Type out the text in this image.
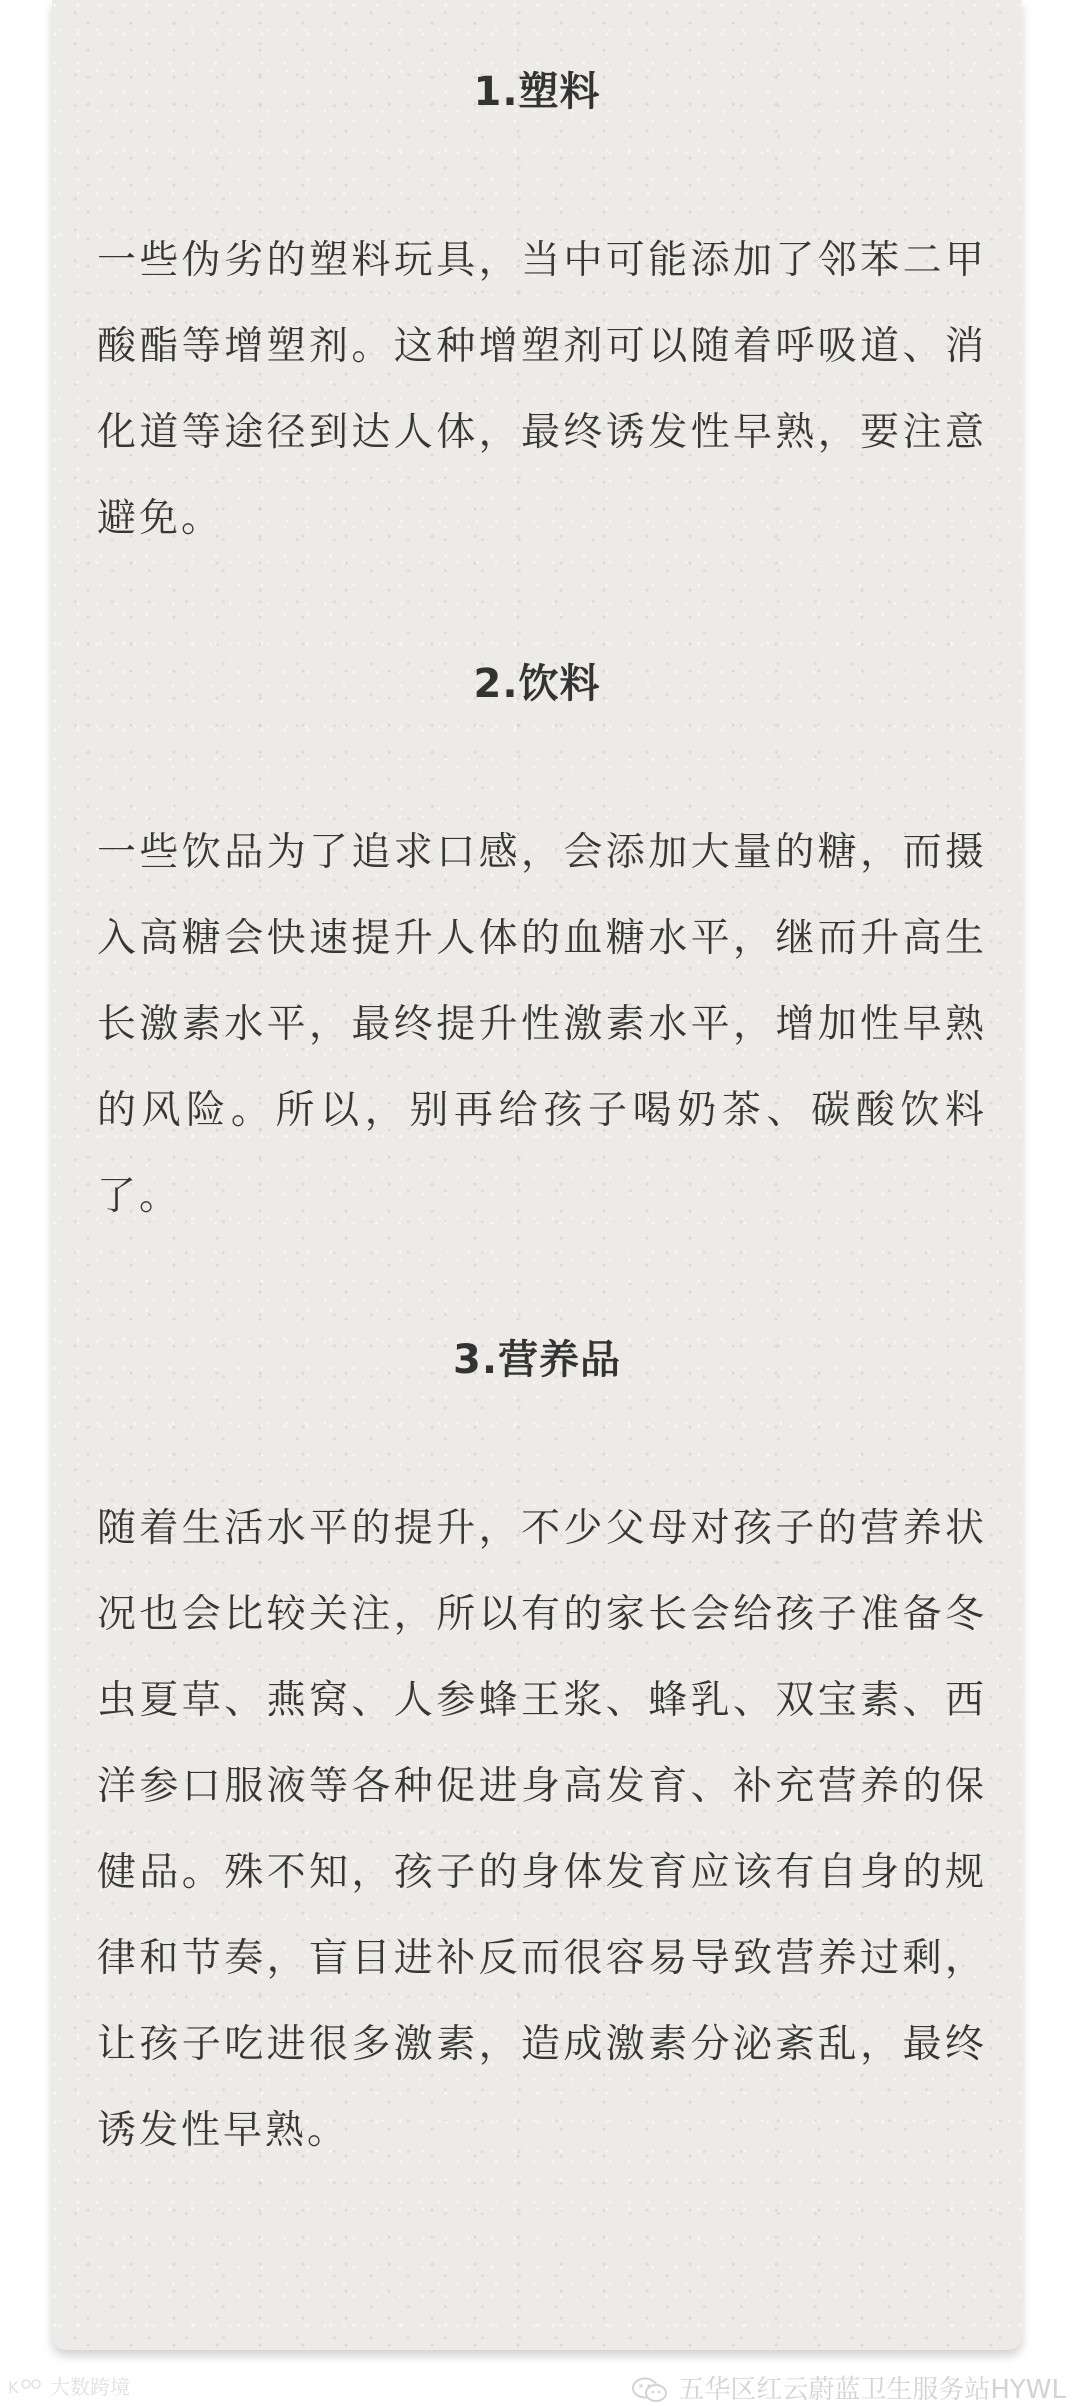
1.塑料

一些伪劣的塑料玩具，当中可能添加了邻苯二甲酸酯等增塑剂。这种增塑剂可以随着呼吸道、消化道等途径到达人体，最终诱发性早熟，要注意避免。

2.饮料

一些饮品为了追求口感，会添加大量的糖，而摄入高糖会快速提升人体的血糖水平，继而升高生长激素水平，最终提升性激素水平，增加性早熟的风险。所以，别再给孩子喝奶茶、碳酸饮料了。

3.营养品

随着生活水平的提升，不少父母对孩子的营养状况也会比较关注，所以有的家长会给孩子准备冬虫夏草、燕窝、人参蜂王浆、蜂乳、双宝素、西洋参口服液等各种促进身高发育、补充营养的保健品。殊不知，孩子的身体发育应该有自身的规律和节奏，盲目进补反而很容易导致营养过剩，让孩子吃进很多激素，造成激素分泌紊乱，最终诱发性早熟。

K 大数跨境	五华区红云蔚蓝卫生服务站HYWL
